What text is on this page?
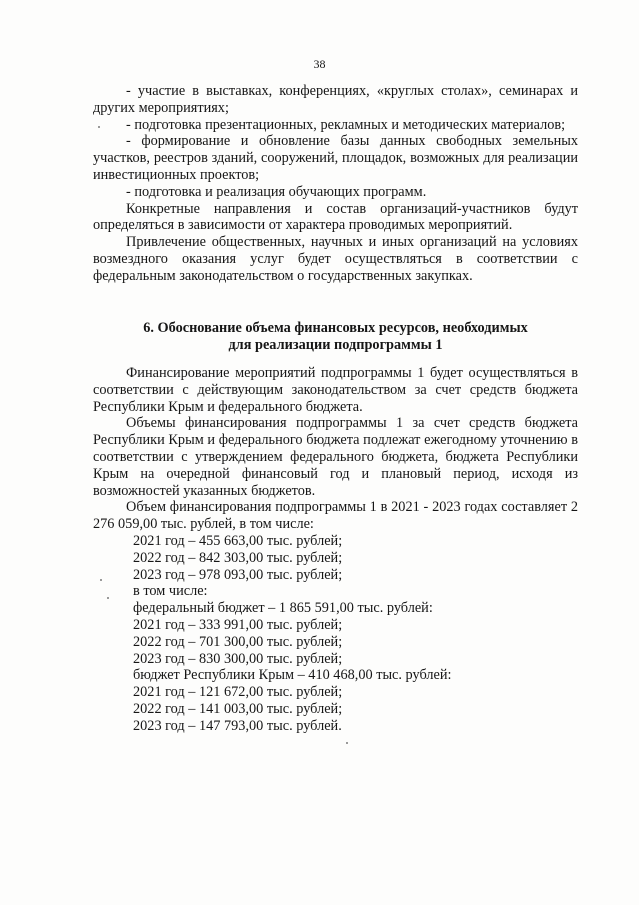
38

- участие в выставках, конференциях, «круглых столах», семинарах и других мероприятиях;

- подготовка презентационных, рекламных и методических материалов;

- формирование и обновление базы данных свободных земельных участков, реестров зданий, сооружений, площадок, возможных для реализации инвестиционных проектов;

- подготовка и реализация обучающих программ.

Конкретные направления и состав организаций-участников будут определяться в зависимости от характера проводимых мероприятий.

Привлечение общественных, научных и иных организаций на условиях возмездного оказания услуг будет осуществляться в соответствии с федеральным законодательством о государственных закупках.

6. Обоснование объема финансовых ресурсов, необходимых
для реализации подпрограммы 1

Финансирование мероприятий подпрограммы 1 будет осуществляться в соответствии с действующим законодательством за счет средств бюджета Республики Крым и федерального бюджета.

Объемы финансирования подпрограммы 1 за счет средств бюджета Республики Крым и федерального бюджета подлежат ежегодному уточнению в соответствии с утверждением федерального бюджета, бюджета Республики Крым на очередной финансовый год и плановый период, исходя из возможностей указанных бюджетов.

Объем финансирования подпрограммы 1 в 2021 - 2023 годах составляет 2 276 059,00 тыс. рублей, в том числе:

2021 год – 455 663,00 тыс. рублей;
2022 год – 842 303,00 тыс. рублей;
2023 год – 978 093,00 тыс. рублей;
в том числе:
федеральный бюджет – 1 865 591,00 тыс. рублей:
2021 год – 333 991,00 тыс. рублей;
2022 год – 701 300,00 тыс. рублей;
2023 год – 830 300,00 тыс. рублей;
бюджет Республики Крым – 410 468,00 тыс. рублей:
2021 год – 121 672,00 тыс. рублей;
2022 год – 141 003,00 тыс. рублей;
2023 год – 147 793,00 тыс. рублей.
